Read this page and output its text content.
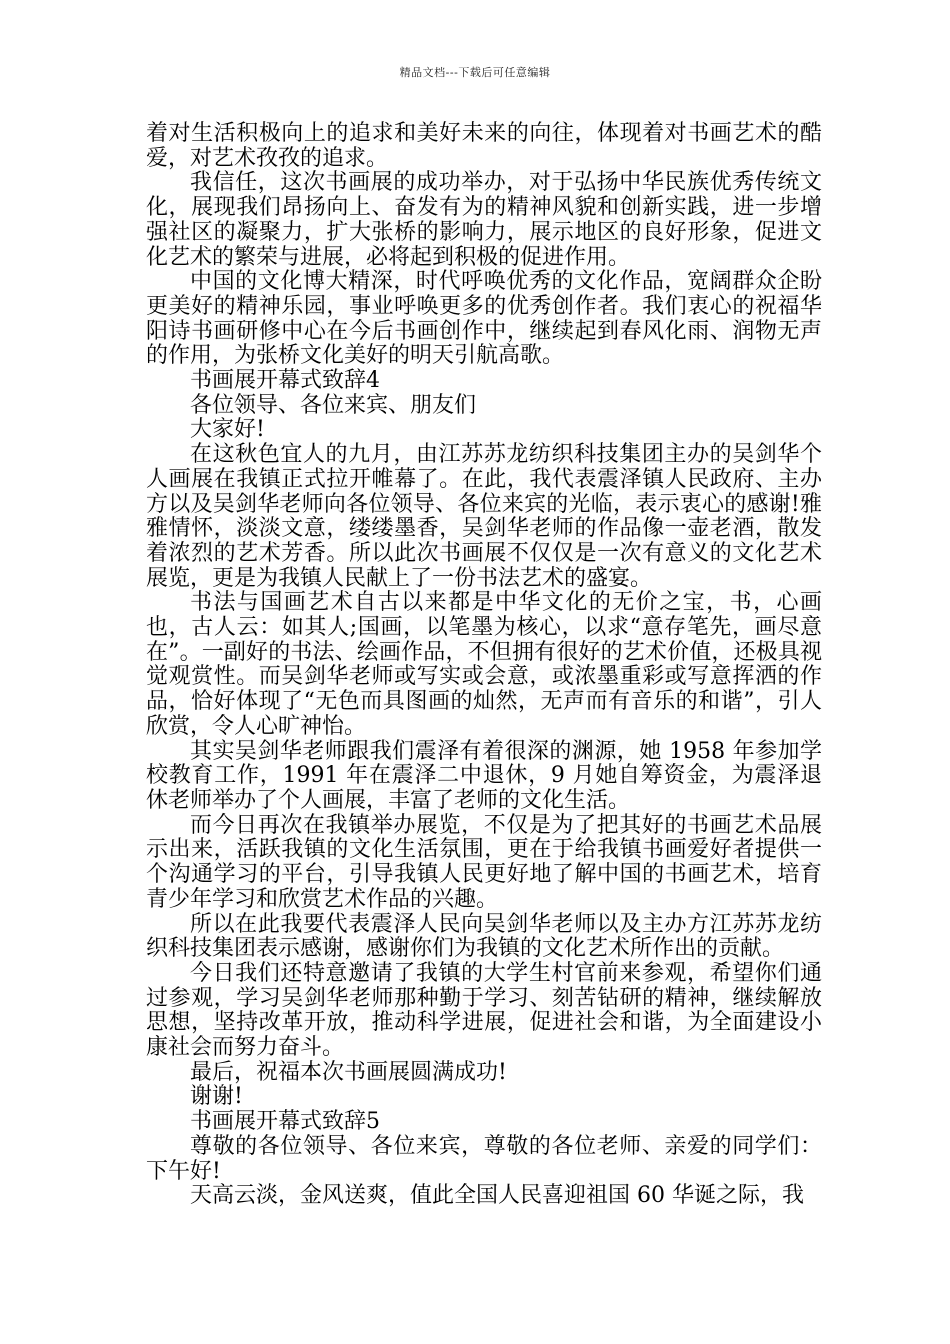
精品文档---下载后可任意编辑

着对生活积极向上的追求和美好未来的向往，体现着对书画艺术的酷爱，对艺术孜孜的追求。

我信任，这次书画展的成功举办，对于弘扬中华民族优秀传统文化，展现我们昂扬向上、奋发有为的精神风貌和创新实践，进一步增强社区的凝聚力，扩大张桥的影响力，展示地区的良好形象，促进文化艺术的繁荣与进展，必将起到积极的促进作用。

中国的文化博大精深，时代呼唤优秀的文化作品，宽阔群众企盼更美好的精神乐园，事业呼唤更多的优秀创作者。我们衷心的祝福华阳诗书画研修中心在今后书画创作中，继续起到春风化雨、润物无声的作用，为张桥文化美好的明天引航高歌。

书画展开幕式致辞4

各位领导、各位来宾、朋友们

大家好!

在这秋色宜人的九月，由江苏苏龙纺织科技集团主办的吴剑华个人画展在我镇正式拉开帷幕了。在此，我代表震泽镇人民政府、主办方以及吴剑华老师向各位领导、各位来宾的光临，表示衷心的感谢!雅雅情怀，淡淡文意，缕缕墨香，吴剑华老师的作品像一壶老酒，散发着浓烈的艺术芳香。所以此次书画展不仅仅是一次有意义的文化艺术展览，更是为我镇人民献上了一份书法艺术的盛宴。

书法与国画艺术自古以来都是中华文化的无价之宝，书，心画也，古人云：如其人;国画，以笔墨为核心，以求“意存笔先，画尽意在”。一副好的书法、绘画作品，不但拥有很好的艺术价值，还极具视觉观赏性。而吴剑华老师或写实或会意，或浓墨重彩或写意挥洒的作品，恰好体现了“无色而具图画的灿然，无声而有音乐的和谐”，引人欣赏，令人心旷神怡。

其实吴剑华老师跟我们震泽有着很深的渊源，她 1958 年参加学校教育工作，1991 年在震泽二中退休，9 月她自筹资金，为震泽退休老师举办了个人画展，丰富了老师的文化生活。

而今日再次在我镇举办展览，不仅是为了把其好的书画艺术品展示出来，活跃我镇的文化生活氛围，更在于给我镇书画爱好者提供一个沟通学习的平台，引导我镇人民更好地了解中国的书画艺术，培育青少年学习和欣赏艺术作品的兴趣。

所以在此我要代表震泽人民向吴剑华老师以及主办方江苏苏龙纺织科技集团表示感谢，感谢你们为我镇的文化艺术所作出的贡献。

今日我们还特意邀请了我镇的大学生村官前来参观，希望你们通过参观，学习吴剑华老师那种勤于学习、刻苦钻研的精神，继续解放思想，坚持改革开放，推动科学进展，促进社会和谐，为全面建设小康社会而努力奋斗。

最后，祝福本次书画展圆满成功!

谢谢!

书画展开幕式致辞5

尊敬的各位领导、各位来宾，尊敬的各位老师、亲爱的同学们：下午好!

天高云淡，金风送爽，值此全国人民喜迎祖国 60 华诞之际，我
